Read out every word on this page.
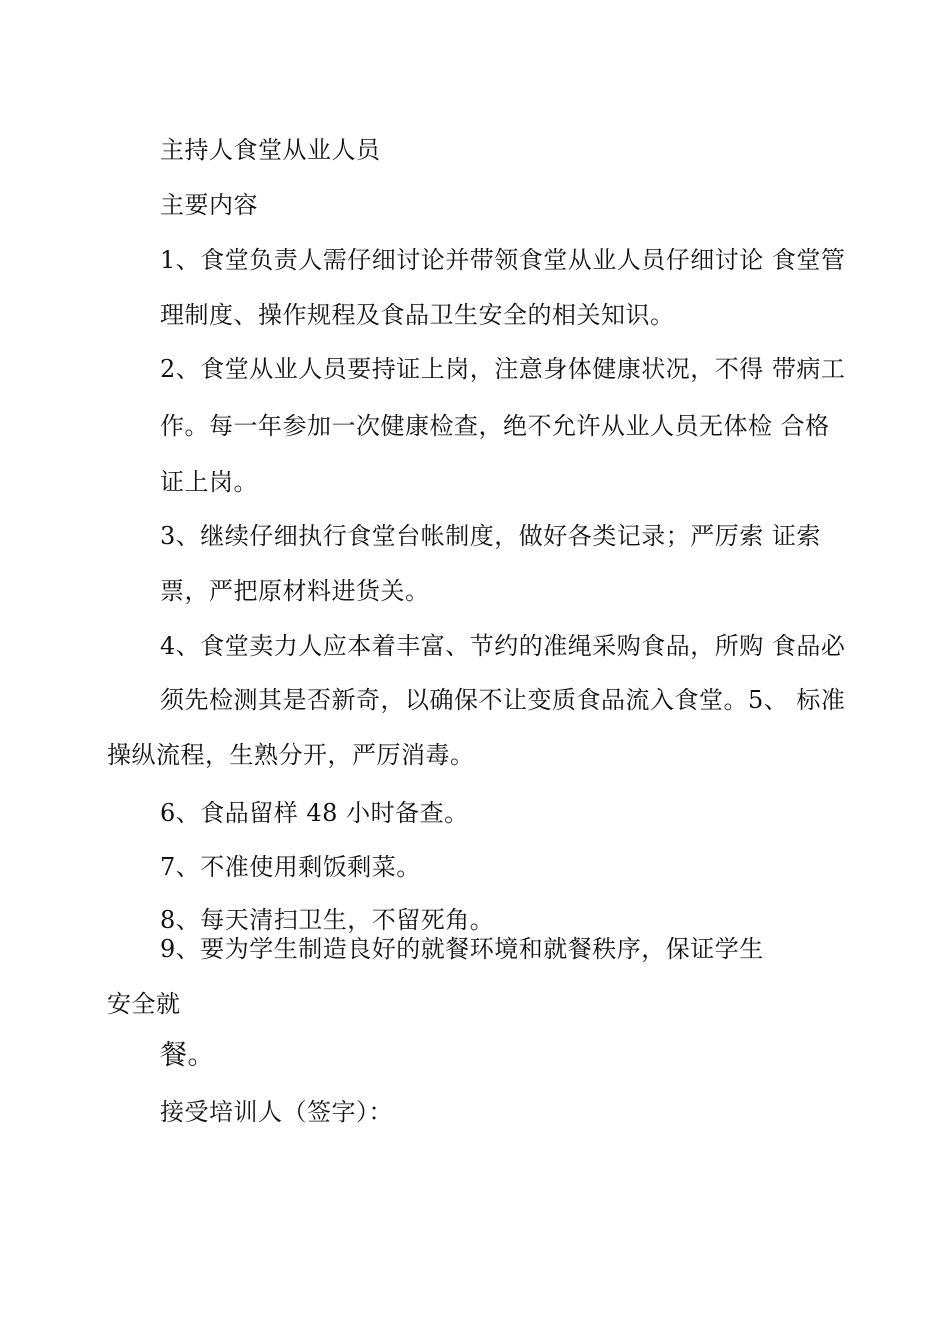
主持人食堂从业人员
主要内容
1、食堂负责人需仔细讨论并带领食堂从业人员仔细讨论 食堂管
理制度、操作规程及食品卫生安全的相关知识。
2、食堂从业人员要持证上岗，注意身体健康状况，不得 带病工
作。每一年参加一次健康检查，绝不允许从业人员无体检 合格
证上岗。
3、继续仔细执行食堂台帐制度，做好各类记录；严厉索 证索
票，严把原材料进货关。
4、食堂卖力人应本着丰富、节约的准绳采购食品，所购 食品必
须先检测其是否新奇，以确保不让变质食品流入食堂。5、 标准
操纵流程，生熟分开，严厉消毒。
6、食品留样 48 小时备查。
7、不准使用剩饭剩菜。
8、每天清扫卫生，不留死角。
9、要为学生制造良好的就餐环境和就餐秩序，保证学生
安全就
餐。
接受培训人（签字）：
